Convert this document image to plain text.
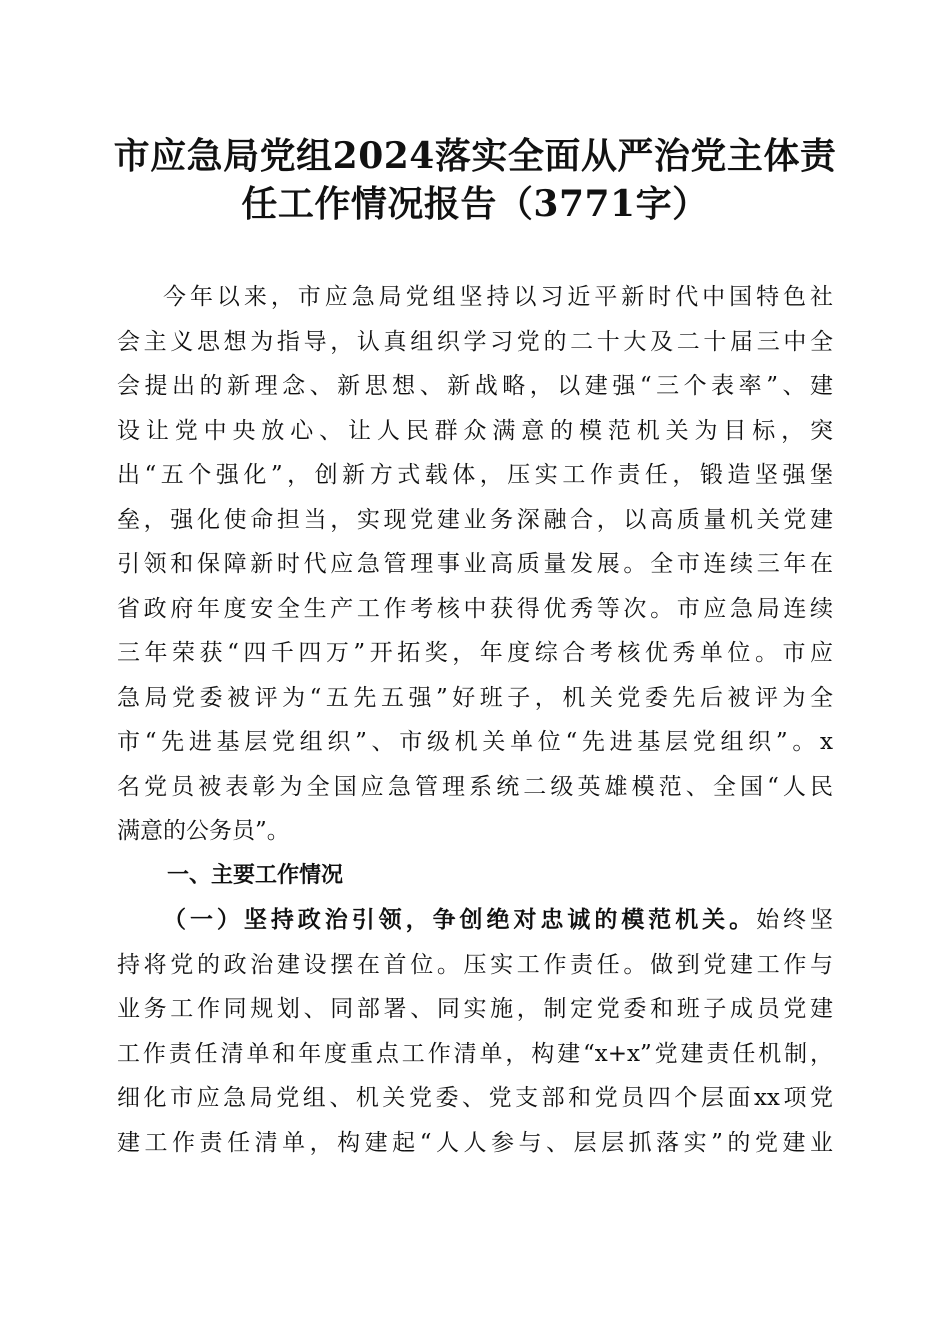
市应急局党组2024落实全面从严治党主体责
任工作情况报告（3771字）
今年以来，市应急局党组坚持以习近平新时代中国特色社
会主义思想为指导，认真组织学习党的二十大及二十届三中全
会提出的新理念、新思想、新战略，以建强“三个表率”、建
设让党中央放心、让人民群众满意的模范机关为目标，突
出“五个强化”，创新方式载体，压实工作责任，锻造坚强堡
垒，强化使命担当，实现党建业务深融合，以高质量机关党建
引领和保障新时代应急管理事业高质量发展。全市连续三年在
省政府年度安全生产工作考核中获得优秀等次。市应急局连续
三年荣获“四千四万”开拓奖，年度综合考核优秀单位。市应
急局党委被评为“五先五强”好班子，机关党委先后被评为全
市“先进基层党组织”、市级机关单位“先进基层党组织”。x
名党员被表彰为全国应急管理系统二级英雄模范、全国“人民
满意的公务员”。
一、主要工作情况
（一）坚持政治引领，争创绝对忠诚的模范机关。始终坚
持将党的政治建设摆在首位。压实工作责任。做到党建工作与
业务工作同规划、同部署、同实施，制定党委和班子成员党建
工作责任清单和年度重点工作清单，构建“x+x”党建责任机制，
细化市应急局党组、机关党委、党支部和党员四个层面xx项党
建工作责任清单，构建起“人人参与、层层抓落实”的党建业
